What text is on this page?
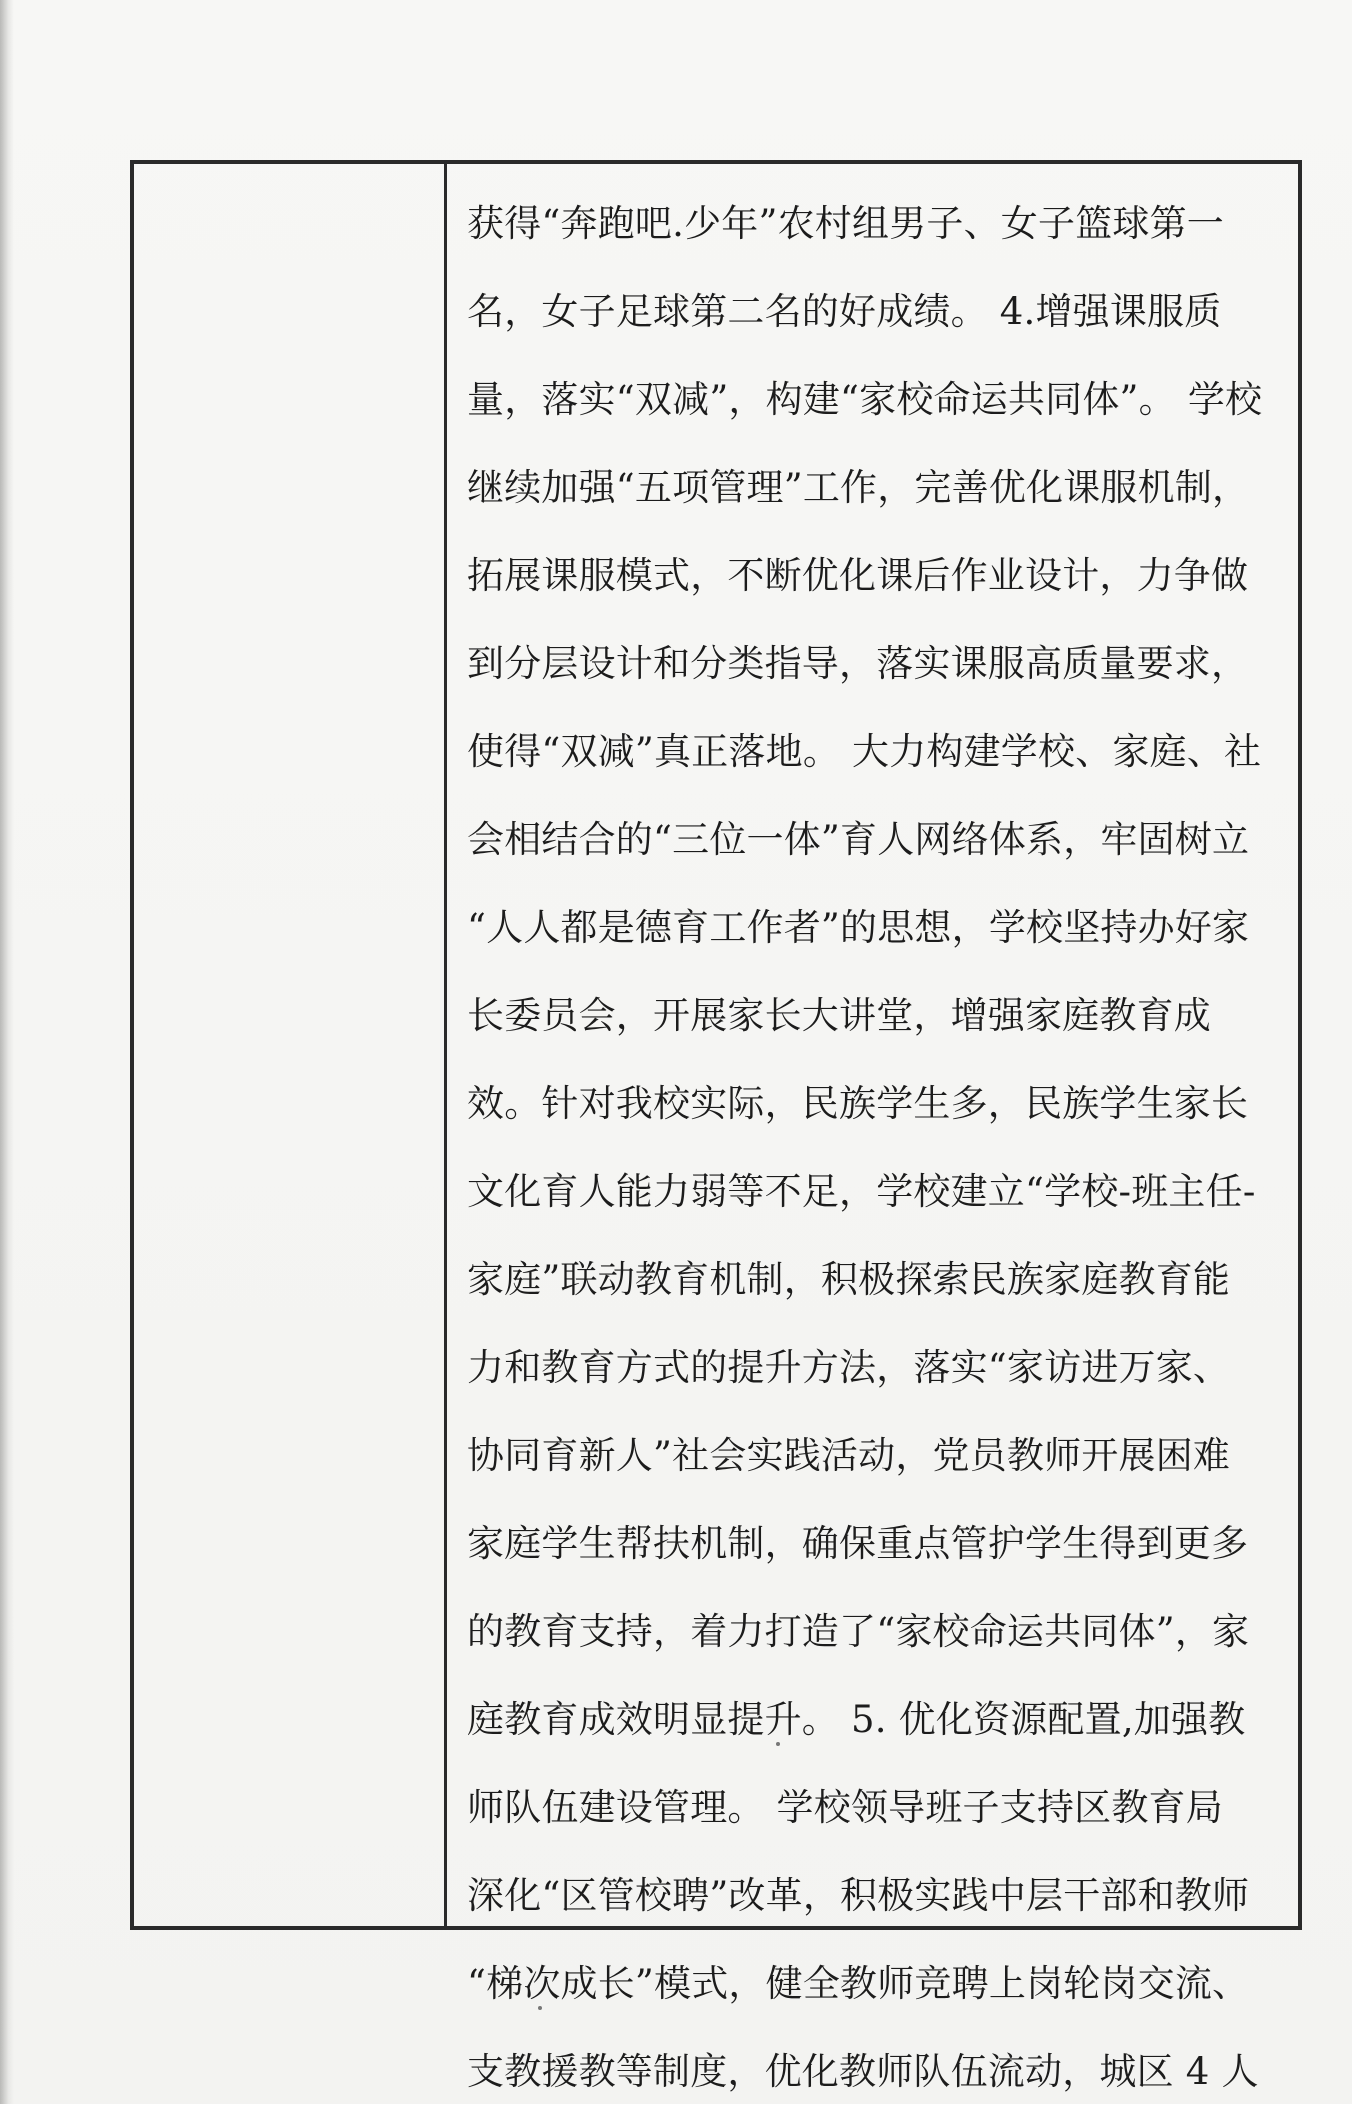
获得“奔跑吧.少年”农村组男子、女子篮球第一
名，女子足球第二名的好成绩。 4.增强课服质
量，落实“双减”，构建“家校命运共同体”。 学校
继续加强“五项管理”工作，完善优化课服机制，
拓展课服模式，不断优化课后作业设计，力争做
到分层设计和分类指导，落实课服高质量要求，
使得“双减”真正落地。 大力构建学校、家庭、社
会相结合的“三位一体”育人网络体系，牢固树立
“人人都是德育工作者”的思想，学校坚持办好家
长委员会，开展家长大讲堂，增强家庭教育成
效。针对我校实际，民族学生多，民族学生家长
文化育人能力弱等不足，学校建立“学校-班主任-
家庭”联动教育机制，积极探索民族家庭教育能
力和教育方式的提升方法，落实“家访进万家、
协同育新人”社会实践活动，党员教师开展困难
家庭学生帮扶机制，确保重点管护学生得到更多
的教育支持，着力打造了“家校命运共同体”，家
庭教育成效明显提升。 5. 优化资源配置,加强教
师队伍建设管理。 学校领导班子支持区教育局
深化“区管校聘”改革，积极实践中层干部和教师
“梯次成长”模式，健全教师竞聘上岗轮岗交流、
支教援教等制度，优化教师队伍流动，城区 4 人
